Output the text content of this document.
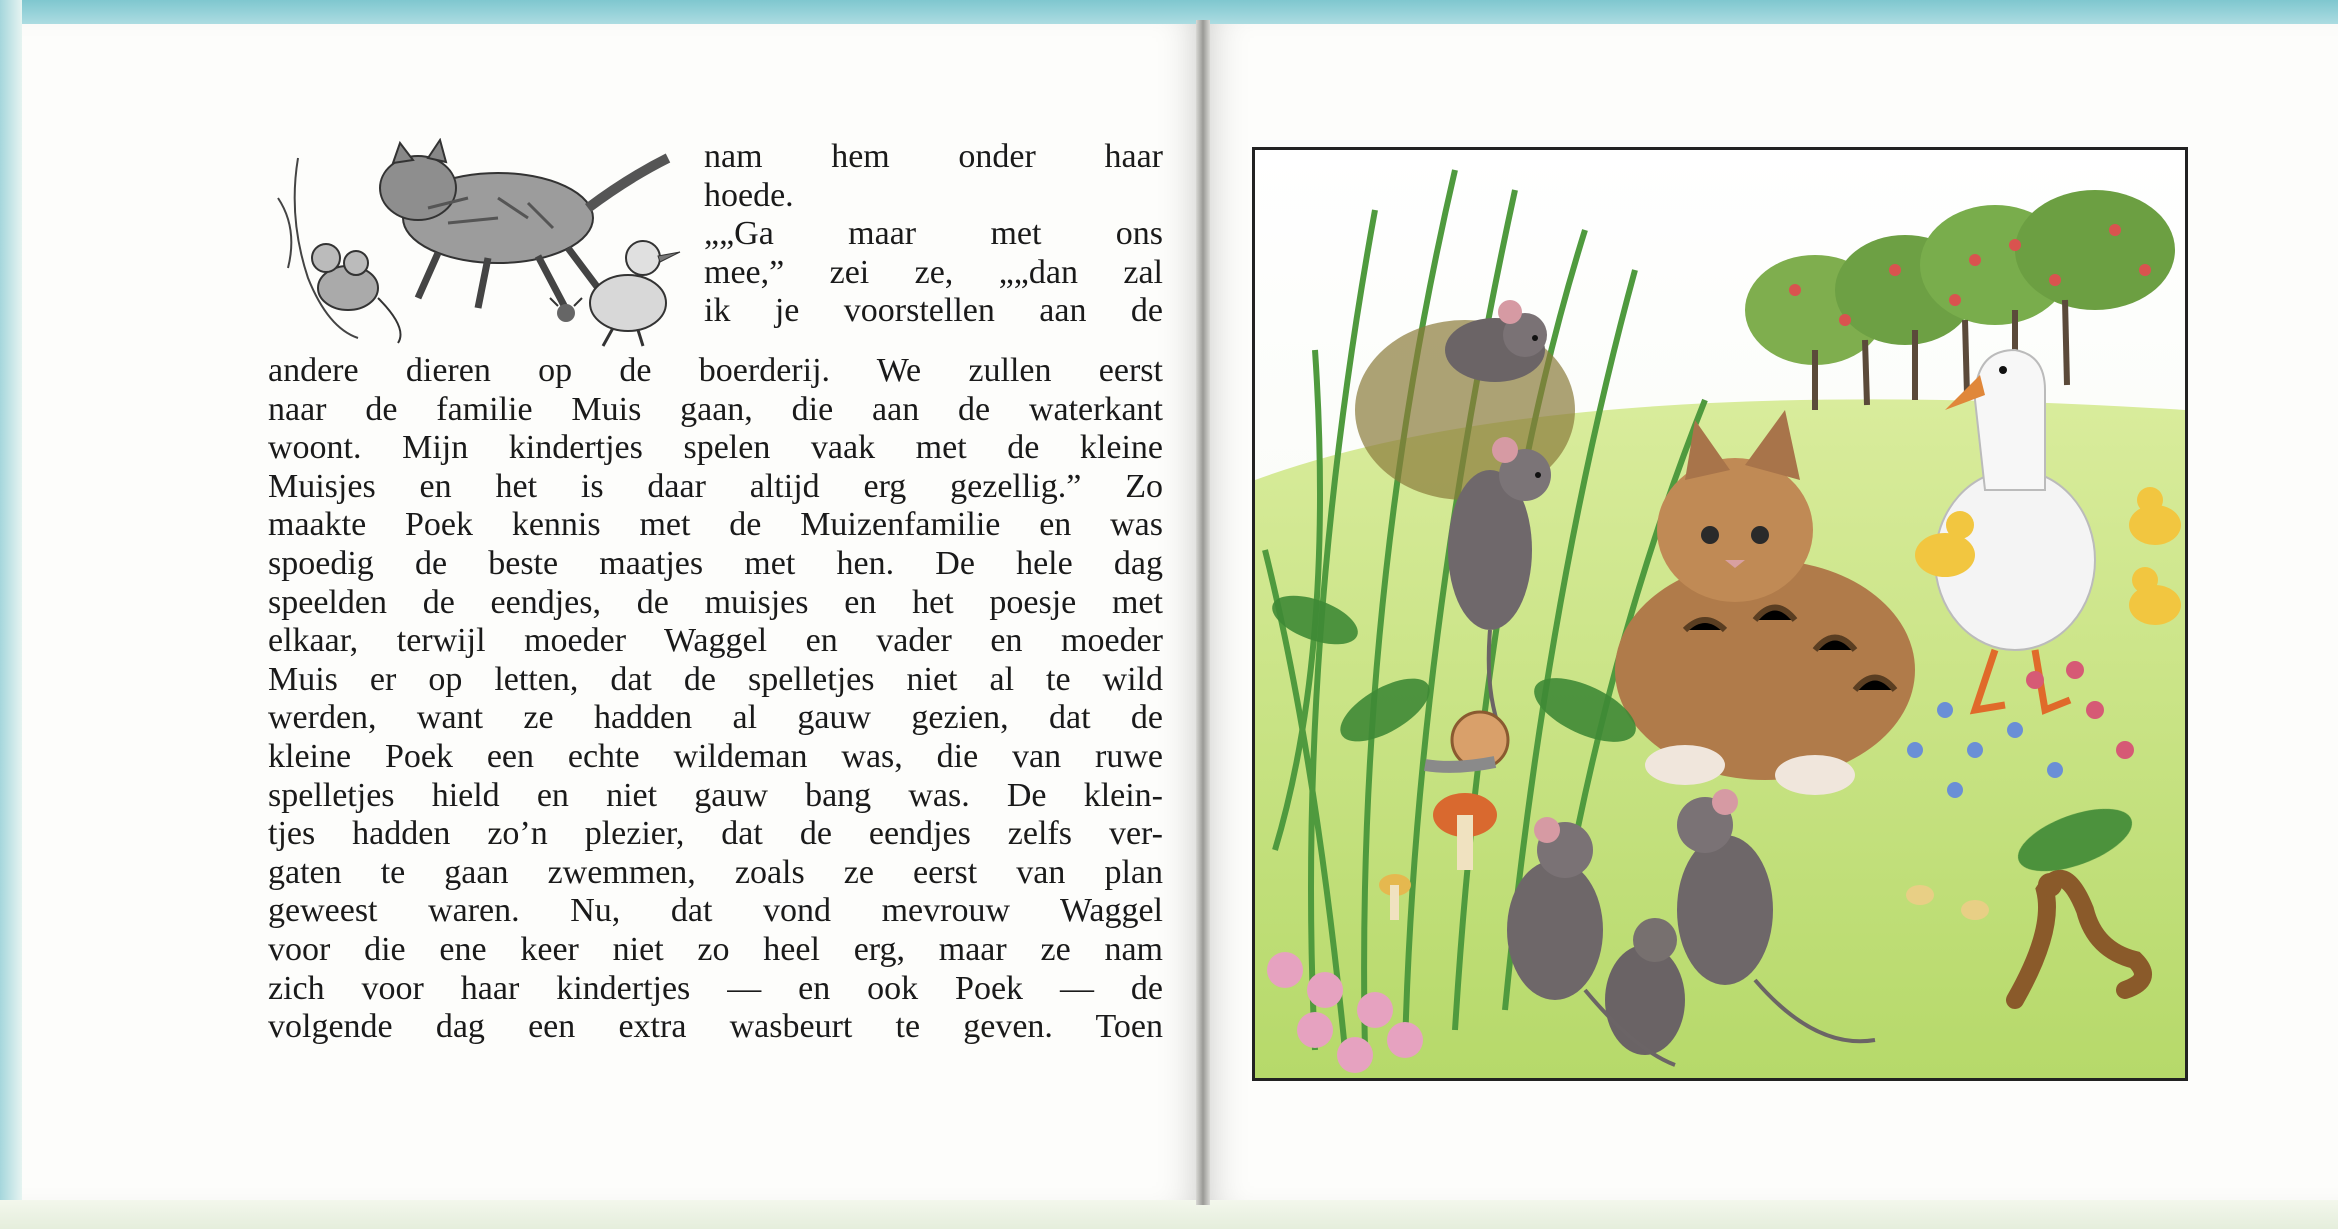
nam hem onder haar

hoede.

„„Ga maar met ons

mee,” zei ze, „„dan zal

ik je voorstellen aan de

andere dieren op de boerderij. We zullen eerst

naar de familie Muis gaan, die aan de waterkant

woont. Mijn kindertjes spelen vaak met de kleine

Muisjes en het is daar altijd erg gezellig.” Zo

maakte Poek kennis met de Muizenfamilie en was

spoedig de beste maatjes met hen. De hele dag

speelden de eendjes, de muisjes en het poesje met

elkaar, terwijl moeder Waggel en vader en moeder

Muis er op letten, dat de spelletjes niet al te wild

werden, want ze hadden al gauw gezien, dat de

kleine Poek een echte wildeman was, die van ruwe

spelletjes hield en niet gauw bang was. De klein-

tjes hadden zo’n plezier, dat de eendjes zelfs ver-

gaten te gaan zwemmen, zoals ze eerst van plan

geweest waren. Nu, dat vond mevrouw Waggel

voor die ene keer niet zo heel erg, maar ze nam

zich voor haar kindertjes — en ook Poek — de

volgende dag een extra wasbeurt te geven. Toen
